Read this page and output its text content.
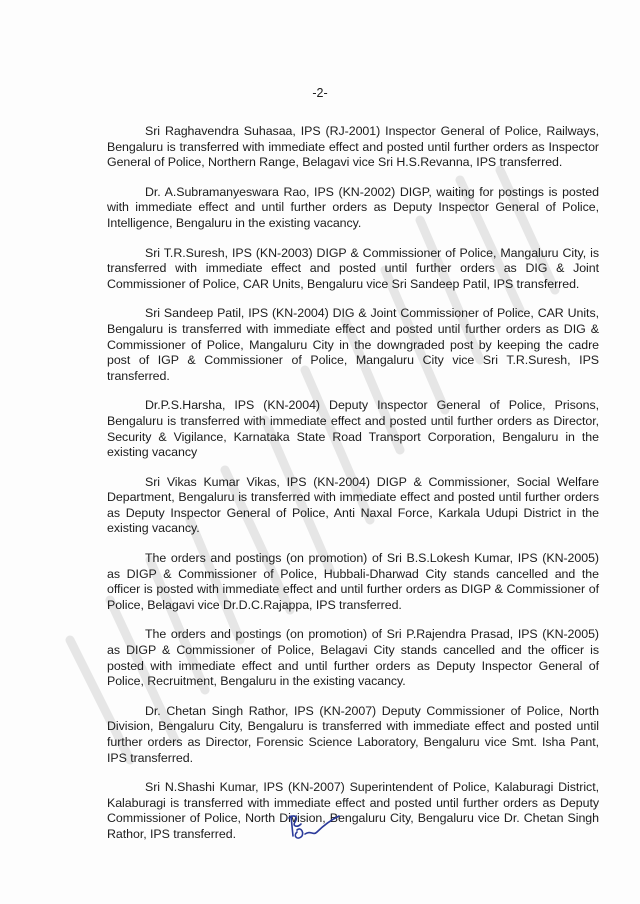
-2-

Sri Raghavendra Suhasaa, IPS (RJ-2001) Inspector General of Police, Railways, Bengaluru is transferred with immediate effect and posted until further orders as Inspector General of Police, Northern Range, Belagavi vice Sri H.S.Revanna, IPS transferred.

Dr. A.Subramanyeswara Rao, IPS (KN-2002) DIGP, waiting for postings is posted with immediate effect and until further orders as Deputy Inspector General of Police, Intelligence, Bengaluru in the existing vacancy.

Sri T.R.Suresh, IPS (KN-2003) DIGP & Commissioner of Police, Mangaluru City, is transferred with immediate effect and posted until further orders as DIG & Joint Commissioner of Police, CAR Units, Bengaluru vice Sri Sandeep Patil, IPS transferred.

Sri Sandeep Patil, IPS (KN-2004) DIG & Joint Commissioner of Police, CAR Units, Bengaluru is transferred with immediate effect and posted until further orders as DIG & Commissioner of Police, Mangaluru City in the downgraded post by keeping the cadre post of IGP & Commissioner of Police, Mangaluru City vice Sri T.R.Suresh, IPS transferred.

Dr.P.S.Harsha, IPS (KN-2004) Deputy Inspector General of Police, Prisons, Bengaluru is transferred with immediate effect and posted until further orders as Director, Security & Vigilance, Karnataka State Road Transport Corporation, Bengaluru in the existing vacancy

Sri Vikas Kumar Vikas, IPS (KN-2004) DIGP & Commissioner, Social Welfare Department, Bengaluru is transferred with immediate effect and posted until further orders as Deputy Inspector General of Police, Anti Naxal Force, Karkala Udupi District in the existing vacancy.

The orders and postings (on promotion) of Sri B.S.Lokesh Kumar, IPS (KN-2005) as DIGP & Commissioner of Police, Hubbali-Dharwad City stands cancelled and the officer is posted with immediate effect and until further orders as DIGP & Commissioner of Police, Belagavi vice Dr.D.C.Rajappa, IPS transferred.

The orders and postings (on promotion) of Sri P.Rajendra Prasad, IPS (KN-2005) as DIGP & Commissioner of Police, Belagavi City stands cancelled and the officer is posted with immediate effect and until further orders as Deputy Inspector General of Police, Recruitment, Bengaluru in the existing vacancy.

Dr. Chetan Singh Rathor, IPS (KN-2007) Deputy Commissioner of Police, North Division, Bengaluru City, Bengaluru is transferred with immediate effect and posted until further orders as Director, Forensic Science Laboratory, Bengaluru vice Smt. Isha Pant, IPS transferred.

Sri N.Shashi Kumar, IPS (KN-2007) Superintendent of Police, Kalaburagi District, Kalaburagi is transferred with immediate effect and posted until further orders as Deputy Commissioner of Police, North Division, Bengaluru City, Bengaluru vice Dr. Chetan Singh Rathor, IPS transferred.
